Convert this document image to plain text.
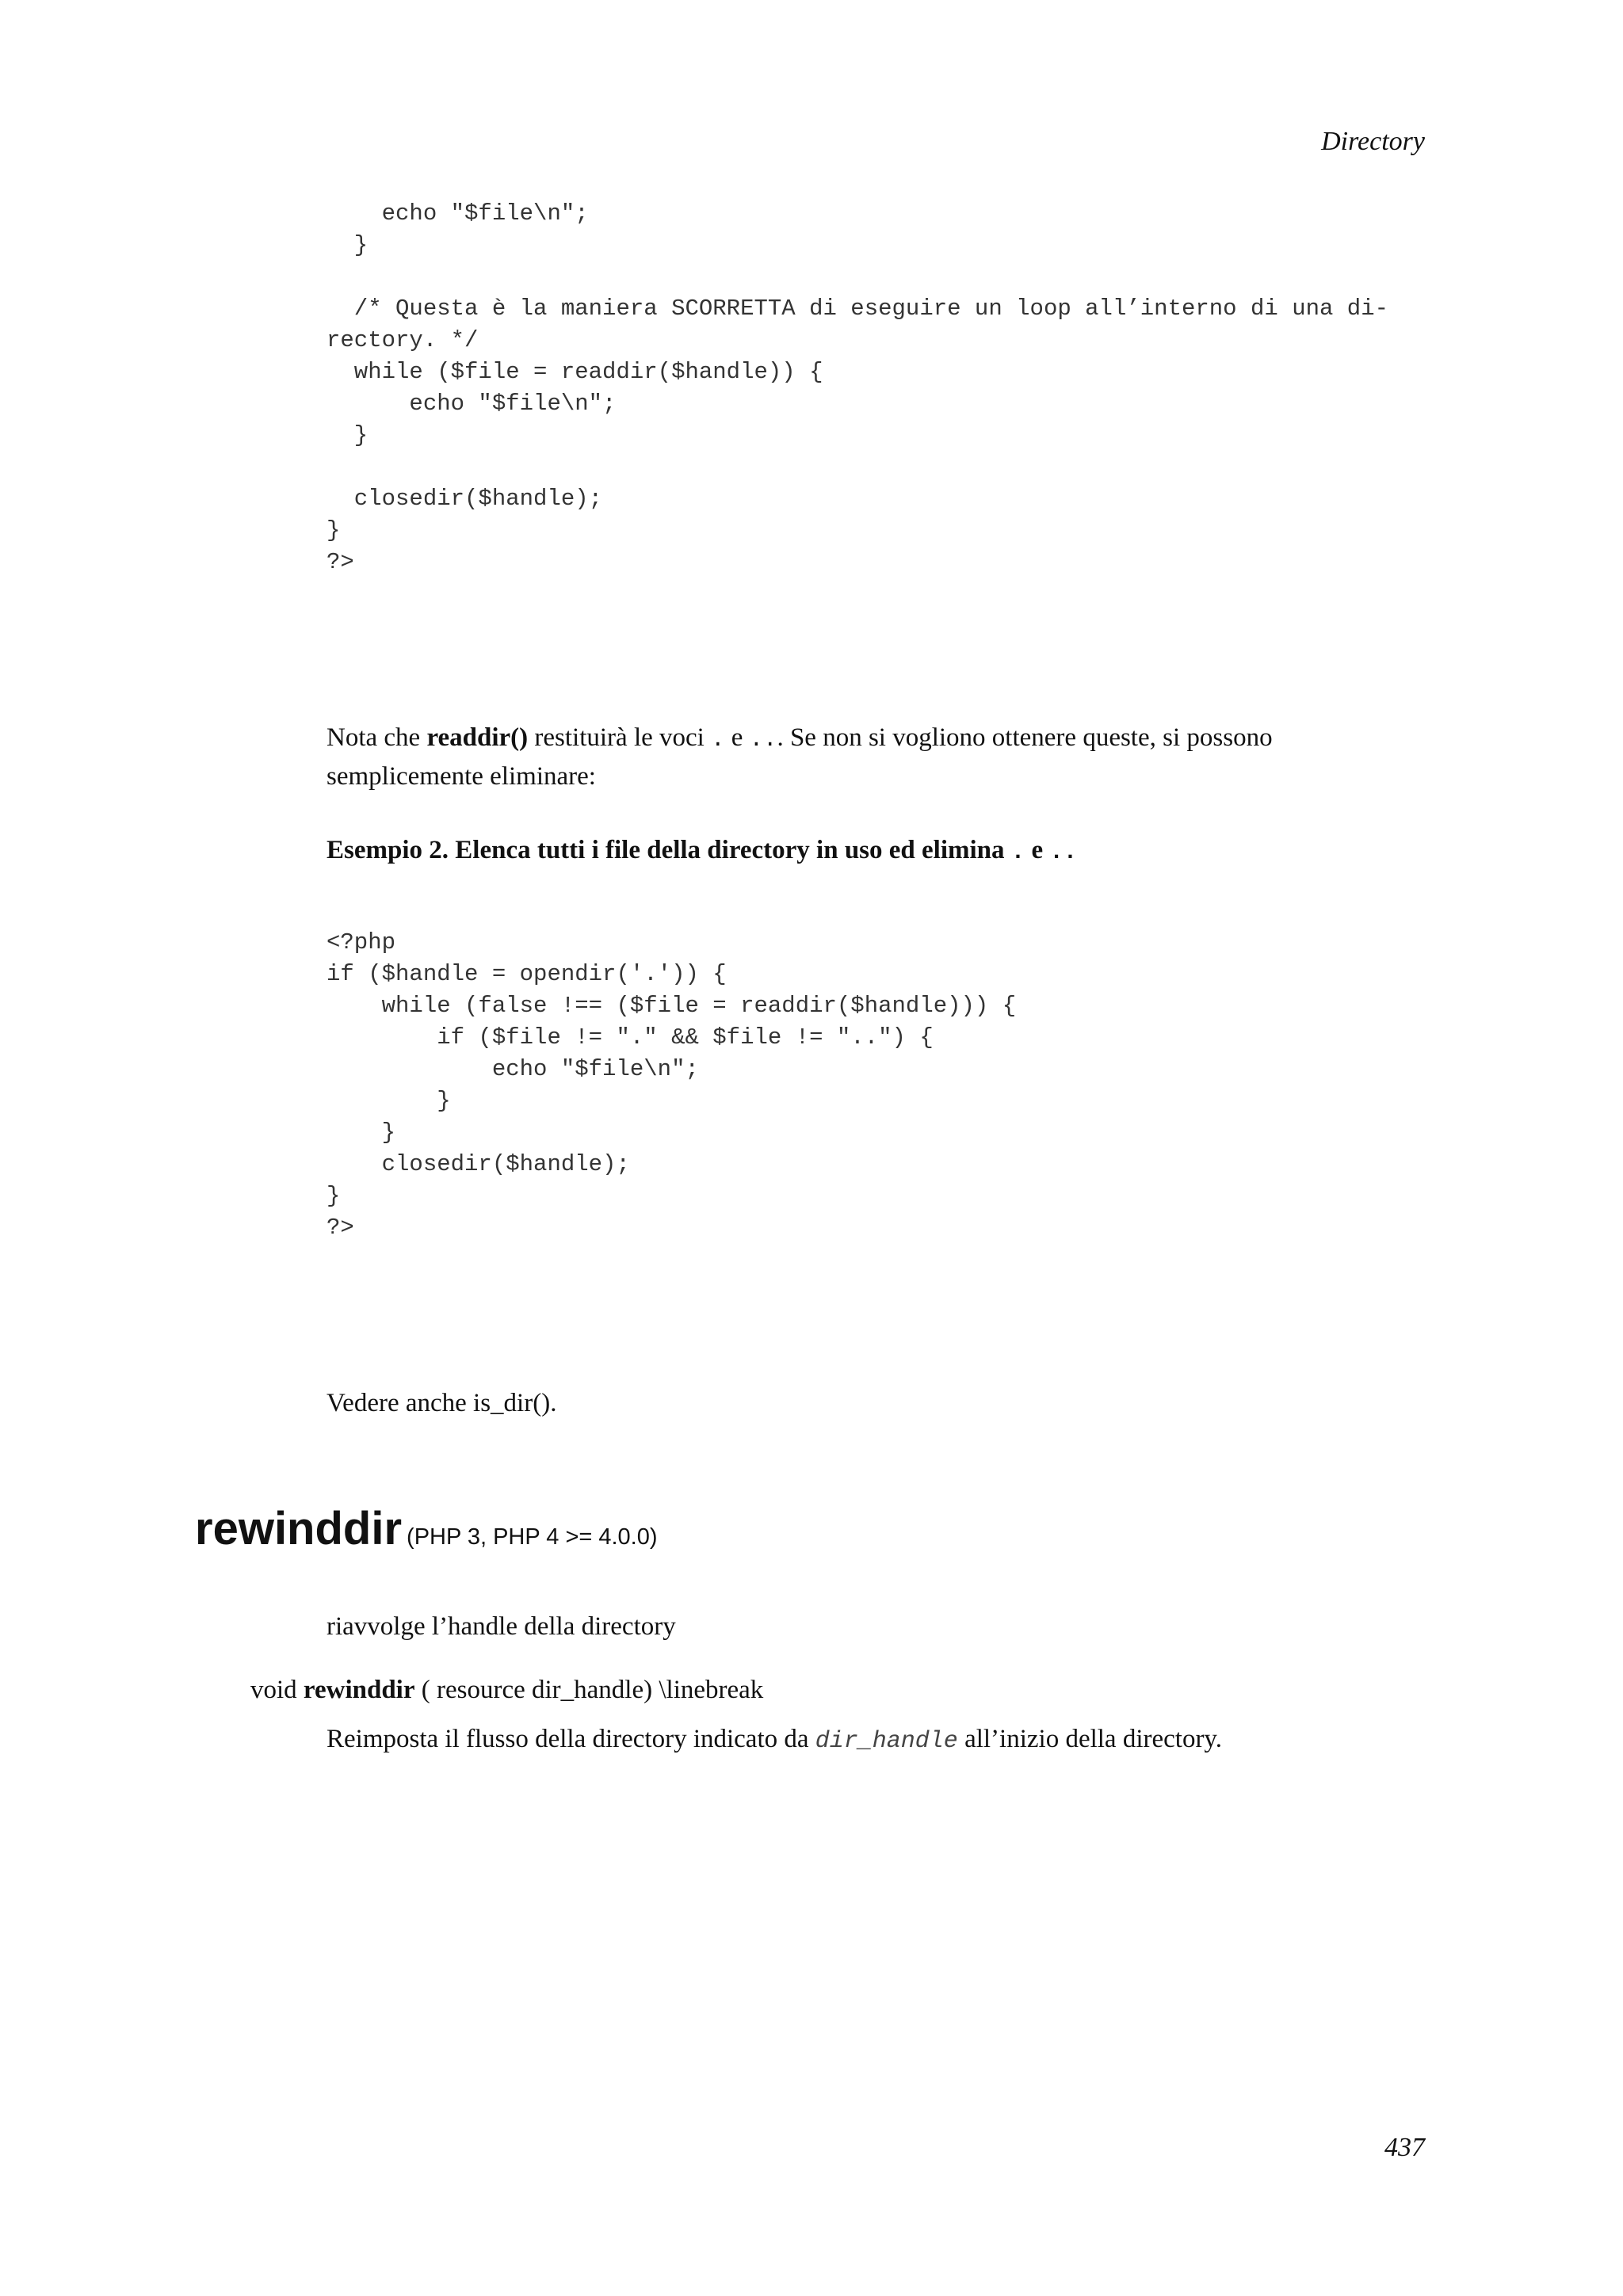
Directory
echo "$file\n";
}

/* Questa è la maniera SCORRETTA di eseguire un loop all’interno di una di-
rectory. */
while ($file = readdir($handle)) {
echo "$file\n";
}

closedir($handle);
}
?>

Nota che readdir() restituirà le voci . e ... Se non si vogliono ottenere queste, si possono semplicemente eliminare:

Esempio 2. Elenca tutti i file della directory in uso ed elimina . e ..

<?php
if ($handle = opendir('.')) {
while (false !== ($file = readdir($handle))) {
if ($file != "." && $file != "..") {
echo "$file\n";
}
}
closedir($handle);
}
?>

Vedere anche is_dir().

rewinddir (PHP 3, PHP 4 >= 4.0.0)

riavvolge l’handle della directory

void rewinddir ( resource dir_handle) \linebreak

Reimposta il flusso della directory indicato da dir_handle all’inizio della directory.

437
